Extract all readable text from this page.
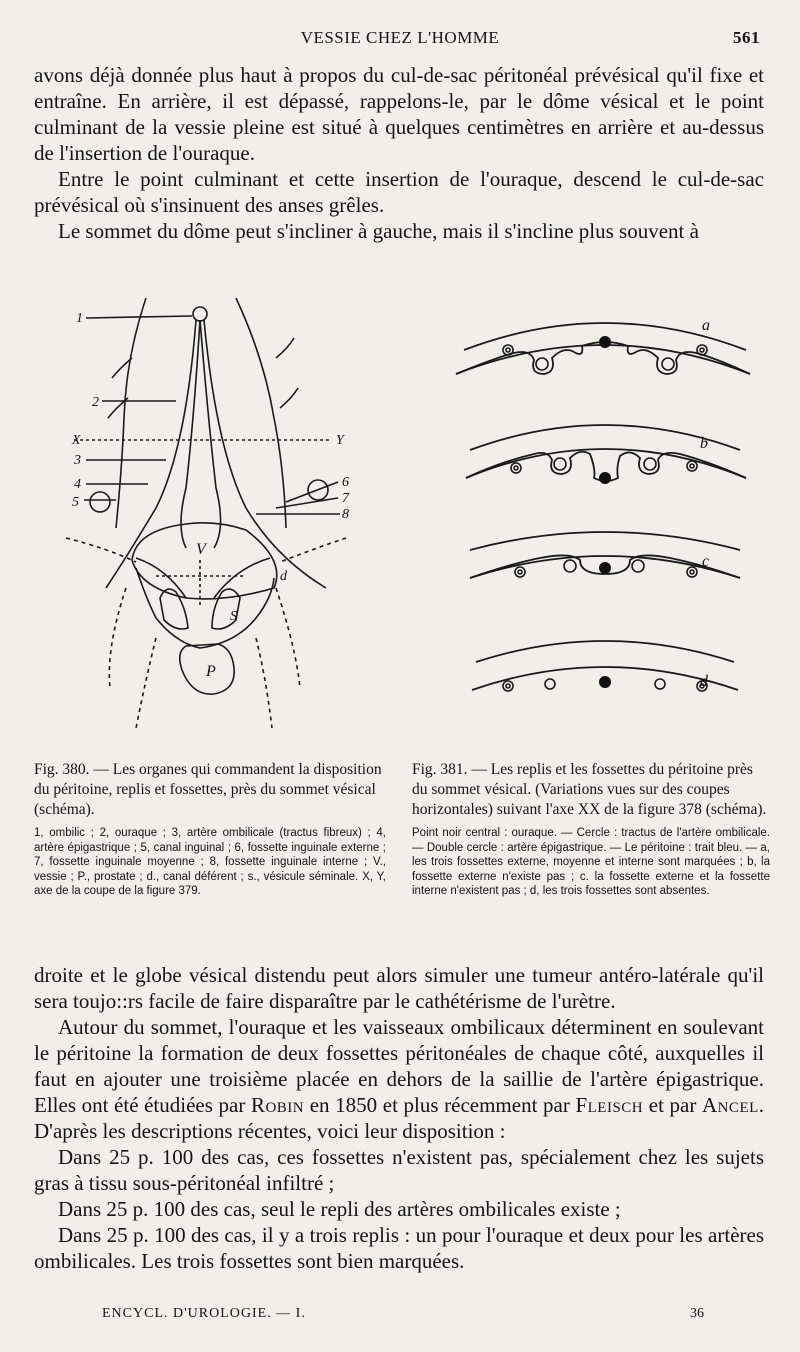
VESSIE CHEZ L'HOMME	561

avons déjà donnée plus haut à propos du cul-de-sac péritonéal prévésical qu'il fixe et entraîne. En arrière, il est dépassé, rappelons-le, par le dôme vésical et le point culminant de la vessie pleine est situé à quelques centimètres en arrière et au-dessus de l'insertion de l'ouraque.

Entre le point culminant et cette insertion de l'ouraque, descend le cul-de-sac prévésical où s'insinuent des anses grêles.

Le sommet du dôme peut s'incliner à gauche, mais il s'incline plus souvent à

1
2
X	Y
3
4
5
6
7
8
V
d
S
P
a
b
c
d
Fig. 380. — Les organes qui commandent la disposition du péritoine, replis et fossettes, près du sommet vésical (schéma).
1, ombilic ; 2, ouraque ; 3, artère ombilicale (tractus fibreux) ; 4, artère épigastrique ; 5, canal inguinal ; 6, fossette inguinale externe ; 7, fossette inguinale moyenne ; 8, fossette inguinale interne ; V., vessie ; P., prostate ; d., canal déférent ; s., vésicule séminale. X, Y, axe de la coupe de la figure 379.
Fig. 381. — Les replis et les fossettes du péritoine près du sommet vésical. (Variations vues sur des coupes horizontales) suivant l'axe XX de la figure 378 (schéma).
Point noir central : ouraque. — Cercle : tractus de l'artère ombilicale. — Double cercle : artère épigastrique. — Le péritoine : trait bleu. — a, les trois fossettes externe, moyenne et interne sont marquées ; b, la fossette externe n'existe pas ; c. la fossette externe et la fossette interne n'existent pas ; d, les trois fossettes sont absentes.

droite et le globe vésical distendu peut alors simuler une tumeur antéro-latérale qu'il sera toujo::rs facile de faire disparaître par le cathétérisme de l'urètre.

Autour du sommet, l'ouraque et les vaisseaux ombilicaux déterminent en soulevant le péritoine la formation de deux fossettes péritonéales de chaque côté, auxquelles il faut en ajouter une troisième placée en dehors de la saillie de l'artère épigastrique. Elles ont été étudiées par Robin en 1850 et plus récemment par Fleisch et par Ancel. D'après les descriptions récentes, voici leur disposition :

Dans 25 p. 100 des cas, ces fossettes n'existent pas, spécialement chez les sujets gras à tissu sous-péritonéal infiltré ;

Dans 25 p. 100 des cas, seul le repli des artères ombilicales existe ;

Dans 25 p. 100 des cas, il y a trois replis : un pour l'ouraque et deux pour les artères ombilicales. Les trois fossettes sont bien marquées.

ENCYCL. D'UROLOGIE. — I.	36
